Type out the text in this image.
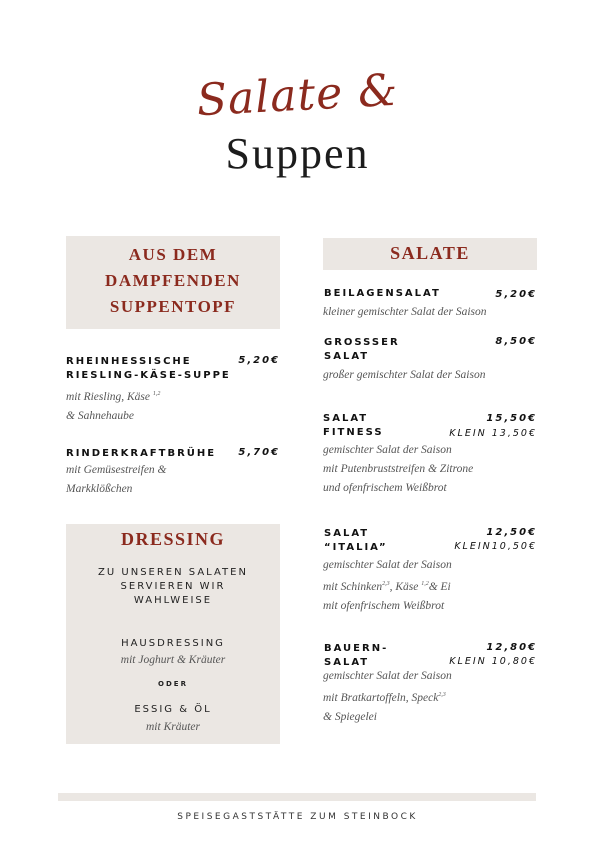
Salate &
Suppen
AUS DEM
DAMPFENDEN
SUPPENTOPF
RHEINHESSISCHE
RIESLING-KÄSE-SUPPE
5,20€
mit Riesling, Käse $^{1,2}$
& Sahnehaube
RINDERKRAFTBRÜHE 5,70€
mit Gemüsestreifen &
Markklößchen
DRESSING
ZU UNSEREN SALATEN
SERVIEREN WIR
WAHLWEISE
HAUSDRESSING
mit Joghurt & Kräuter
ODER
ESSIG & ÖL
mit Kräuter
SALATE
BEILAGENSALAT	5,20€
kleiner gemischter Salat der Saison
GROSSSER
SALAT
8,50€
großer gemischter Salat der Saison
SALAT
FITNESS
15,50€
KLEIN 13,50€
gemischter Salat der Saison
mit Putenbruststreifen & Zitrone
und ofenfrischem Weißbrot
SALAT
“ITALIA”
12,50€
KLEIN10,50€
gemischter Salat der Saison
mit Schinken$^{2,3}$, Käse $^{1,2}$& Ei
mit ofenfrischem Weißbrot
BAUERN-
SALAT
12,80€
KLEIN 10,80€
gemischter Salat der Saison
mit Bratkartoffeln, Speck$^{2,3}$
& Spiegelei
SPEISEGASTSTÄTTE ZUM STEINBOCK
